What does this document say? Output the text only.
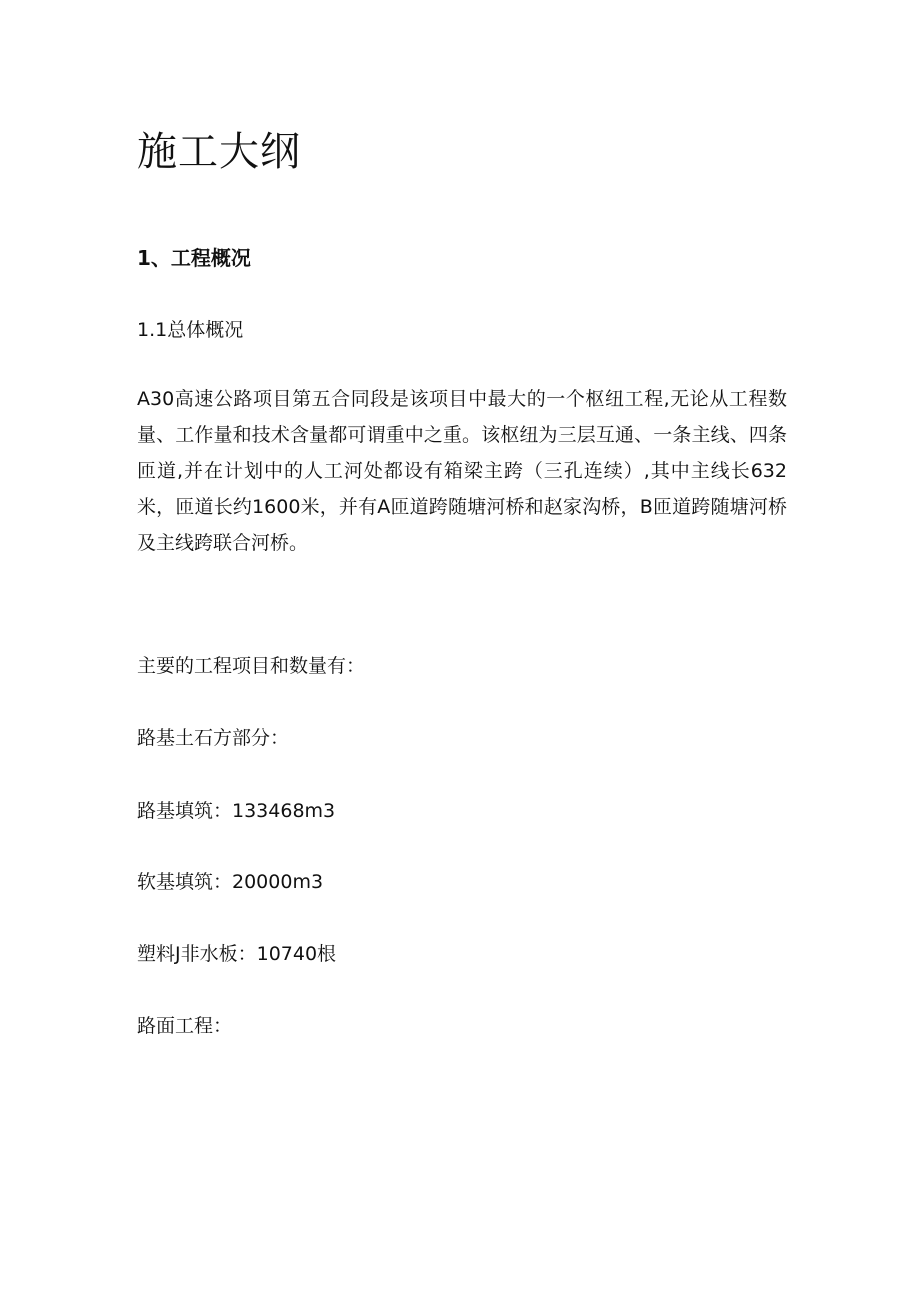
施工大纲
1、工程概况
1.1总体概况

A30高速公路项目第五合同段是该项目中最大的一个枢纽工程,无论从工程数量、工作量和技术含量都可谓重中之重。该枢纽为三层互通、一条主线、四条匝道,并在计划中的人工河处都设有箱梁主跨（三孔连续）,其中主线长632米，匝道长约1600米，并有A匝道跨随塘河桥和赵家沟桥，B匝道跨随塘河桥及主线跨联合河桥。

主要的工程项目和数量有：

路基土石方部分：

路基填筑：133468m3

软基填筑：20000m3

塑料J非水板：10740根

路面工程：
